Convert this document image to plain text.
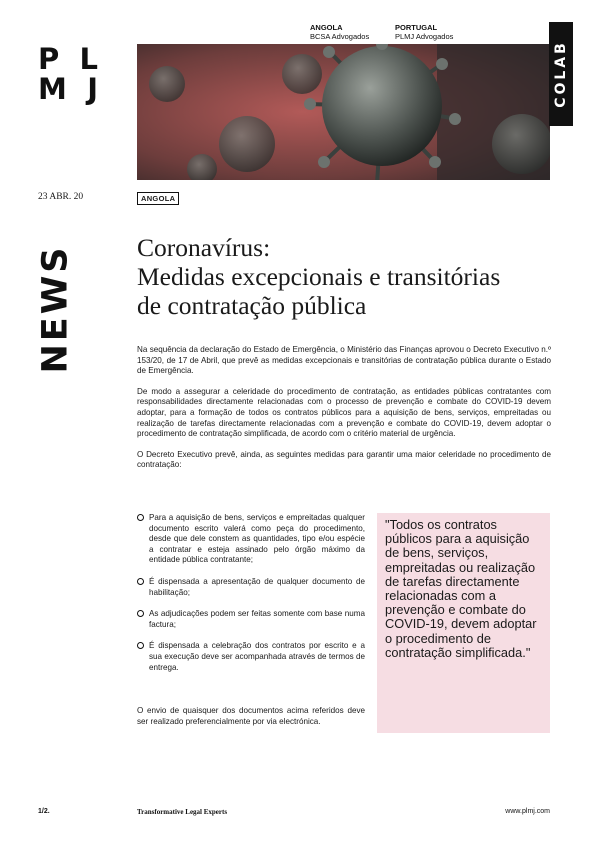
P L
M J
ANGOLA
BCSA Advogados
PORTUGAL
PLMJ Advogados
COLAB
23 ABR. 20	ANGOLA
NEWS Coronavírus:
Medidas excepcionais e transitórias
de contratação pública

Na sequência da declaração do Estado de Emergência, o Ministério das Finanças aprovou o Decreto Executivo n.º 153/20, de 17 de Abril, que prevê as medidas excepcionais e transitórias de contratação pública durante o Estado de Emergência.

De modo a assegurar a celeridade do procedimento de contratação, as entidades públicas contratantes com responsabilidades directamente relacionadas com o processo de prevenção e combate do COVID-19 devem adoptar, para a formação de todos os contratos públicos para a aquisição de bens, serviços, empreitadas ou realização de tarefas directamente relacionadas com a prevenção e combate do COVID-19, devem adoptar o procedimento de contratação simplificada, de acordo com o critério material de urgência.

O Decreto Executivo prevê, ainda, as seguintes medidas para garantir uma maior celeridade no procedimento de contratação:

Para a aquisição de bens, serviços e empreitadas qualquer documento escrito valerá como peça do procedimento, desde que dele constem as quantidades, tipo e/ou espécie a contratar e esteja assinado pelo órgão máximo da entidade pública contratante;
É dispensada a apresentação de qualquer documento de habilitação;
As adjudicações podem ser feitas somente com base numa factura;
É dispensada a celebração dos contratos por escrito e a sua execução deve ser acompanhada através de termos de entrega.

O envio de quaisquer dos documentos acima referidos deve ser realizado preferencialmente por via electrónica.

"Todos os contratos públicos para a aquisição de bens, serviços, empreitadas ou realização de tarefas directamente relacionadas com a prevenção e combate do COVID-19, devem adoptar o procedimento de contratação simplificada."
1/2.	Transformative Legal Experts	www.plmj.com
